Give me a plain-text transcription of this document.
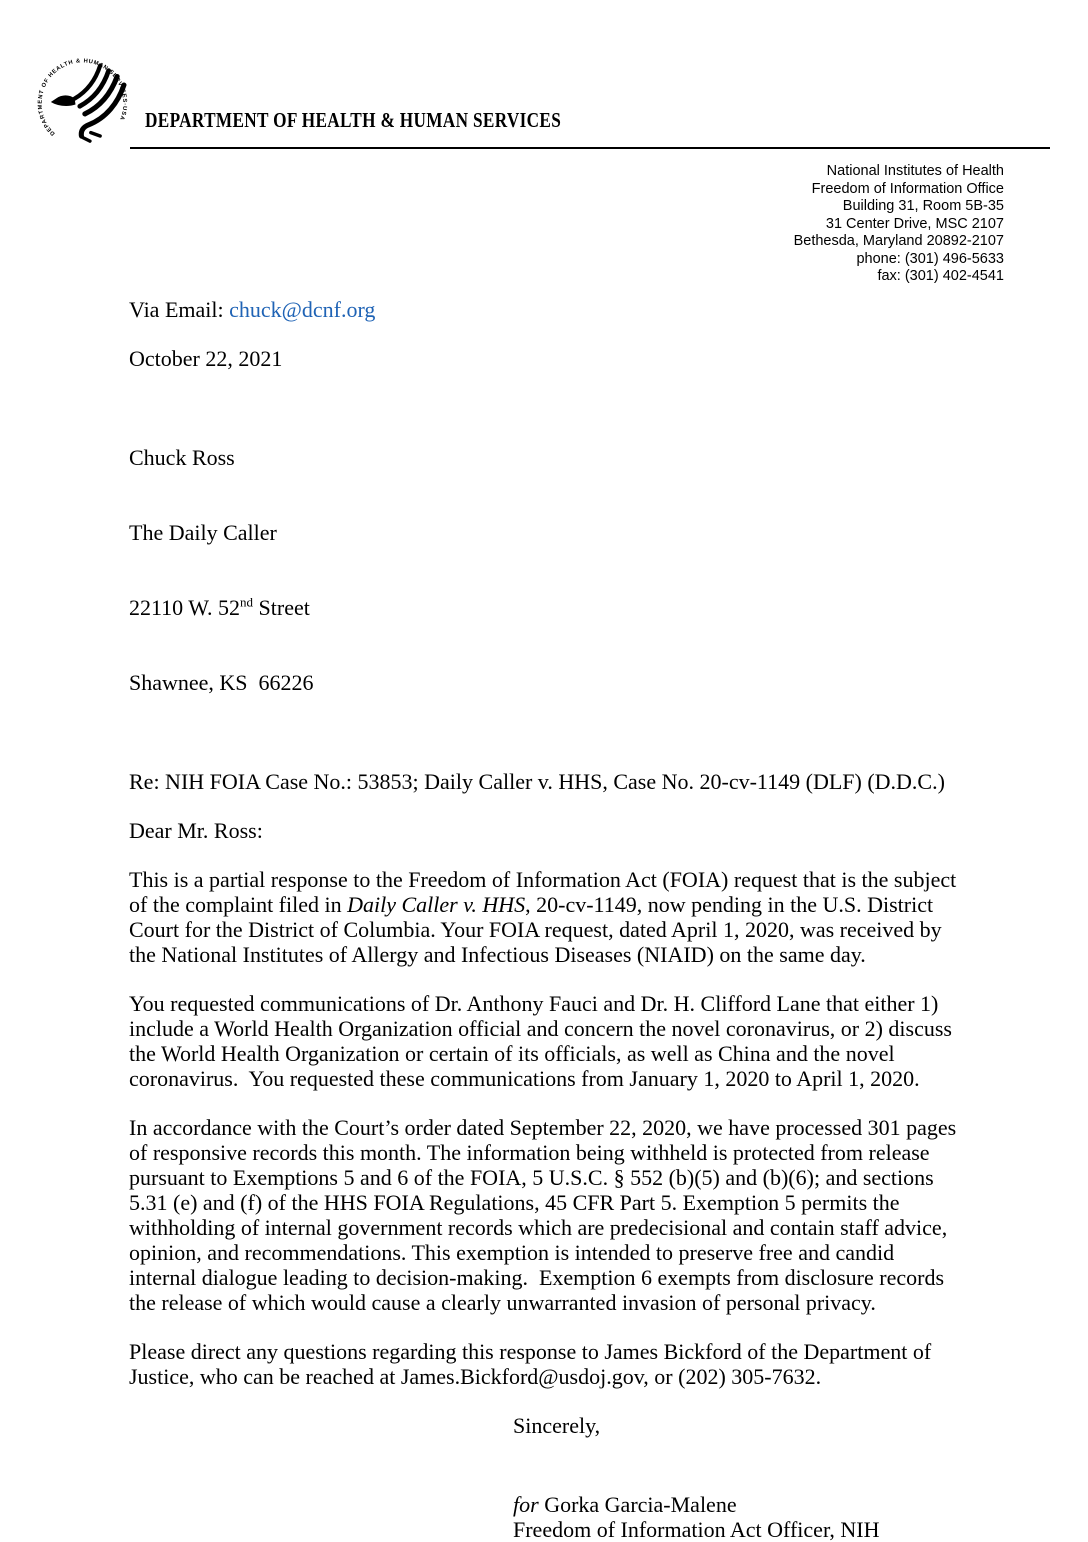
DEPARTMENT OF HEALTH & HUMAN SERVICES·USA DEPARTMENT OF HEALTH & HUMAN SERVICES
National Institutes of Health
Freedom of Information Office
Building 31, Room 5B-35
31 Center Drive, MSC 2107
Bethesda, Maryland 20892-2107
phone: (301) 496-5633
fax: (301) 402-4541
Via Email: chuck@dcnf.org
October 22, 2021

Chuck Ross

The Daily Caller

22110 W. 52nd Street

Shawnee, KS  66226

Re: NIH FOIA Case No.: 53853; Daily Caller v. HHS, Case No. 20-cv-1149 (DLF) (D.D.C.)
Dear Mr. Ross:
This is a partial response to the Freedom of Information Act (FOIA) request that is the subject of the complaint filed in Daily Caller v. HHS, 20-cv-1149, now pending in the U.S. District Court for the District of Columbia. Your FOIA request, dated April 1, 2020, was received by the National Institutes of Allergy and Infectious Diseases (NIAID) on the same day.
You requested communications of Dr. Anthony Fauci and Dr. H. Clifford Lane that either 1) include a World Health Organization official and concern the novel coronavirus, or 2) discuss the World Health Organization or certain of its officials, as well as China and the novel coronavirus.  You requested these communications from January 1, 2020 to April 1, 2020.
In accordance with the Court’s order dated September 22, 2020, we have processed 301 pages of responsive records this month. The information being withheld is protected from release pursuant to Exemptions 5 and 6 of the FOIA, 5 U.S.C. § 552 (b)(5) and (b)(6); and sections 5.31 (e) and (f) of the HHS FOIA Regulations, 45 CFR Part 5. Exemption 5 permits the withholding of internal government records which are predecisional and contain staff advice, opinion, and recommendations. This exemption is intended to preserve free and candid internal dialogue leading to decision-making.  Exemption 6 exempts from disclosure records the release of which would cause a clearly unwarranted invasion of personal privacy.
Please direct any questions regarding this response to James Bickford of the Department of Justice, who can be reached at James.Bickford@usdoj.gov, or (202) 305-7632.
Sincerely,
for Gorka Garcia-Malene
Freedom of Information Act Officer, NIH
